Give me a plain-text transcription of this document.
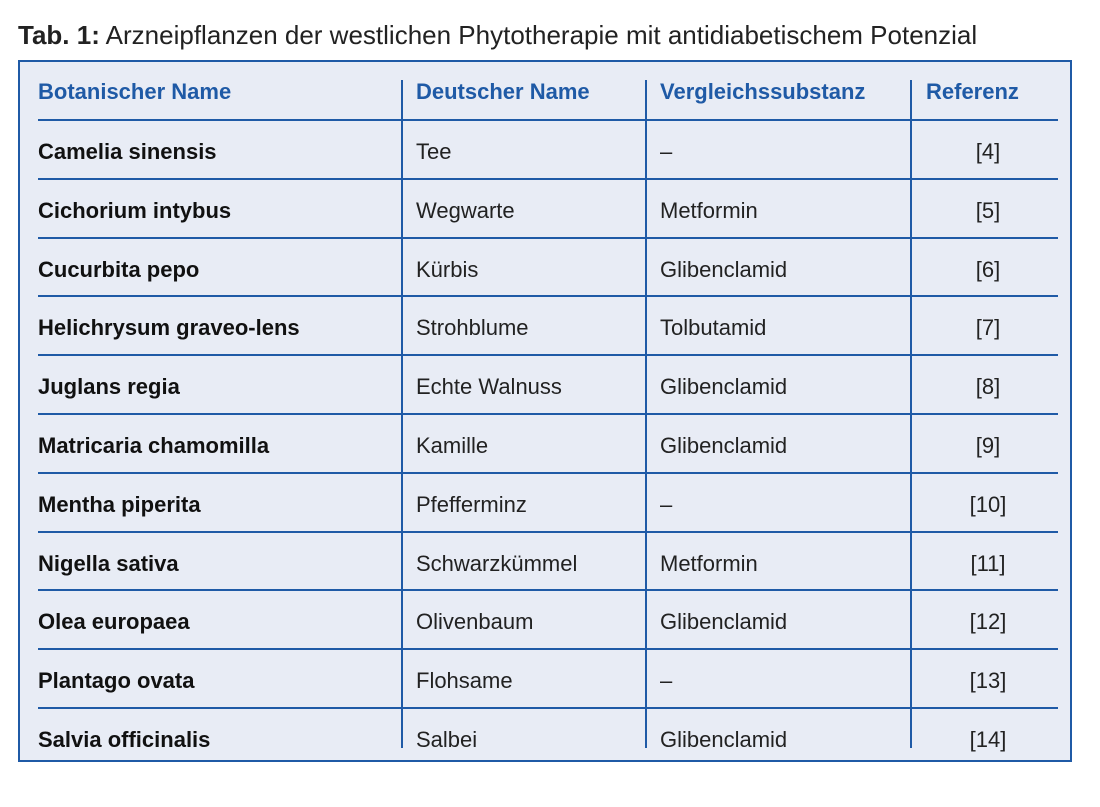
Tab. 1: Arzneipflanzen der westlichen Phytotherapie mit antidiabetischem Potenzial
Botanischer Name	Deutscher Name	Vergleichssubstanz	Referenz
Camelia sinensis	Tee	–	[4]
Cichorium intybus	Wegwarte	Metformin	[5]
Cucurbita pepo	Kürbis	Glibenclamid	[6]
Helichrysum graveo-lens	Strohblume	Tolbutamid	[7]
Juglans regia	Echte Walnuss	Glibenclamid	[8]
Matricaria chamomilla	Kamille	Glibenclamid	[9]
Mentha piperita	Pfefferminz	–	[10]
Nigella sativa	Schwarzkümmel	Metformin	[11]
Olea europaea	Olivenbaum	Glibenclamid	[12]
Plantago ovata	Flohsame	–	[13]
Salvia officinalis	Salbei	Glibenclamid	[14]
